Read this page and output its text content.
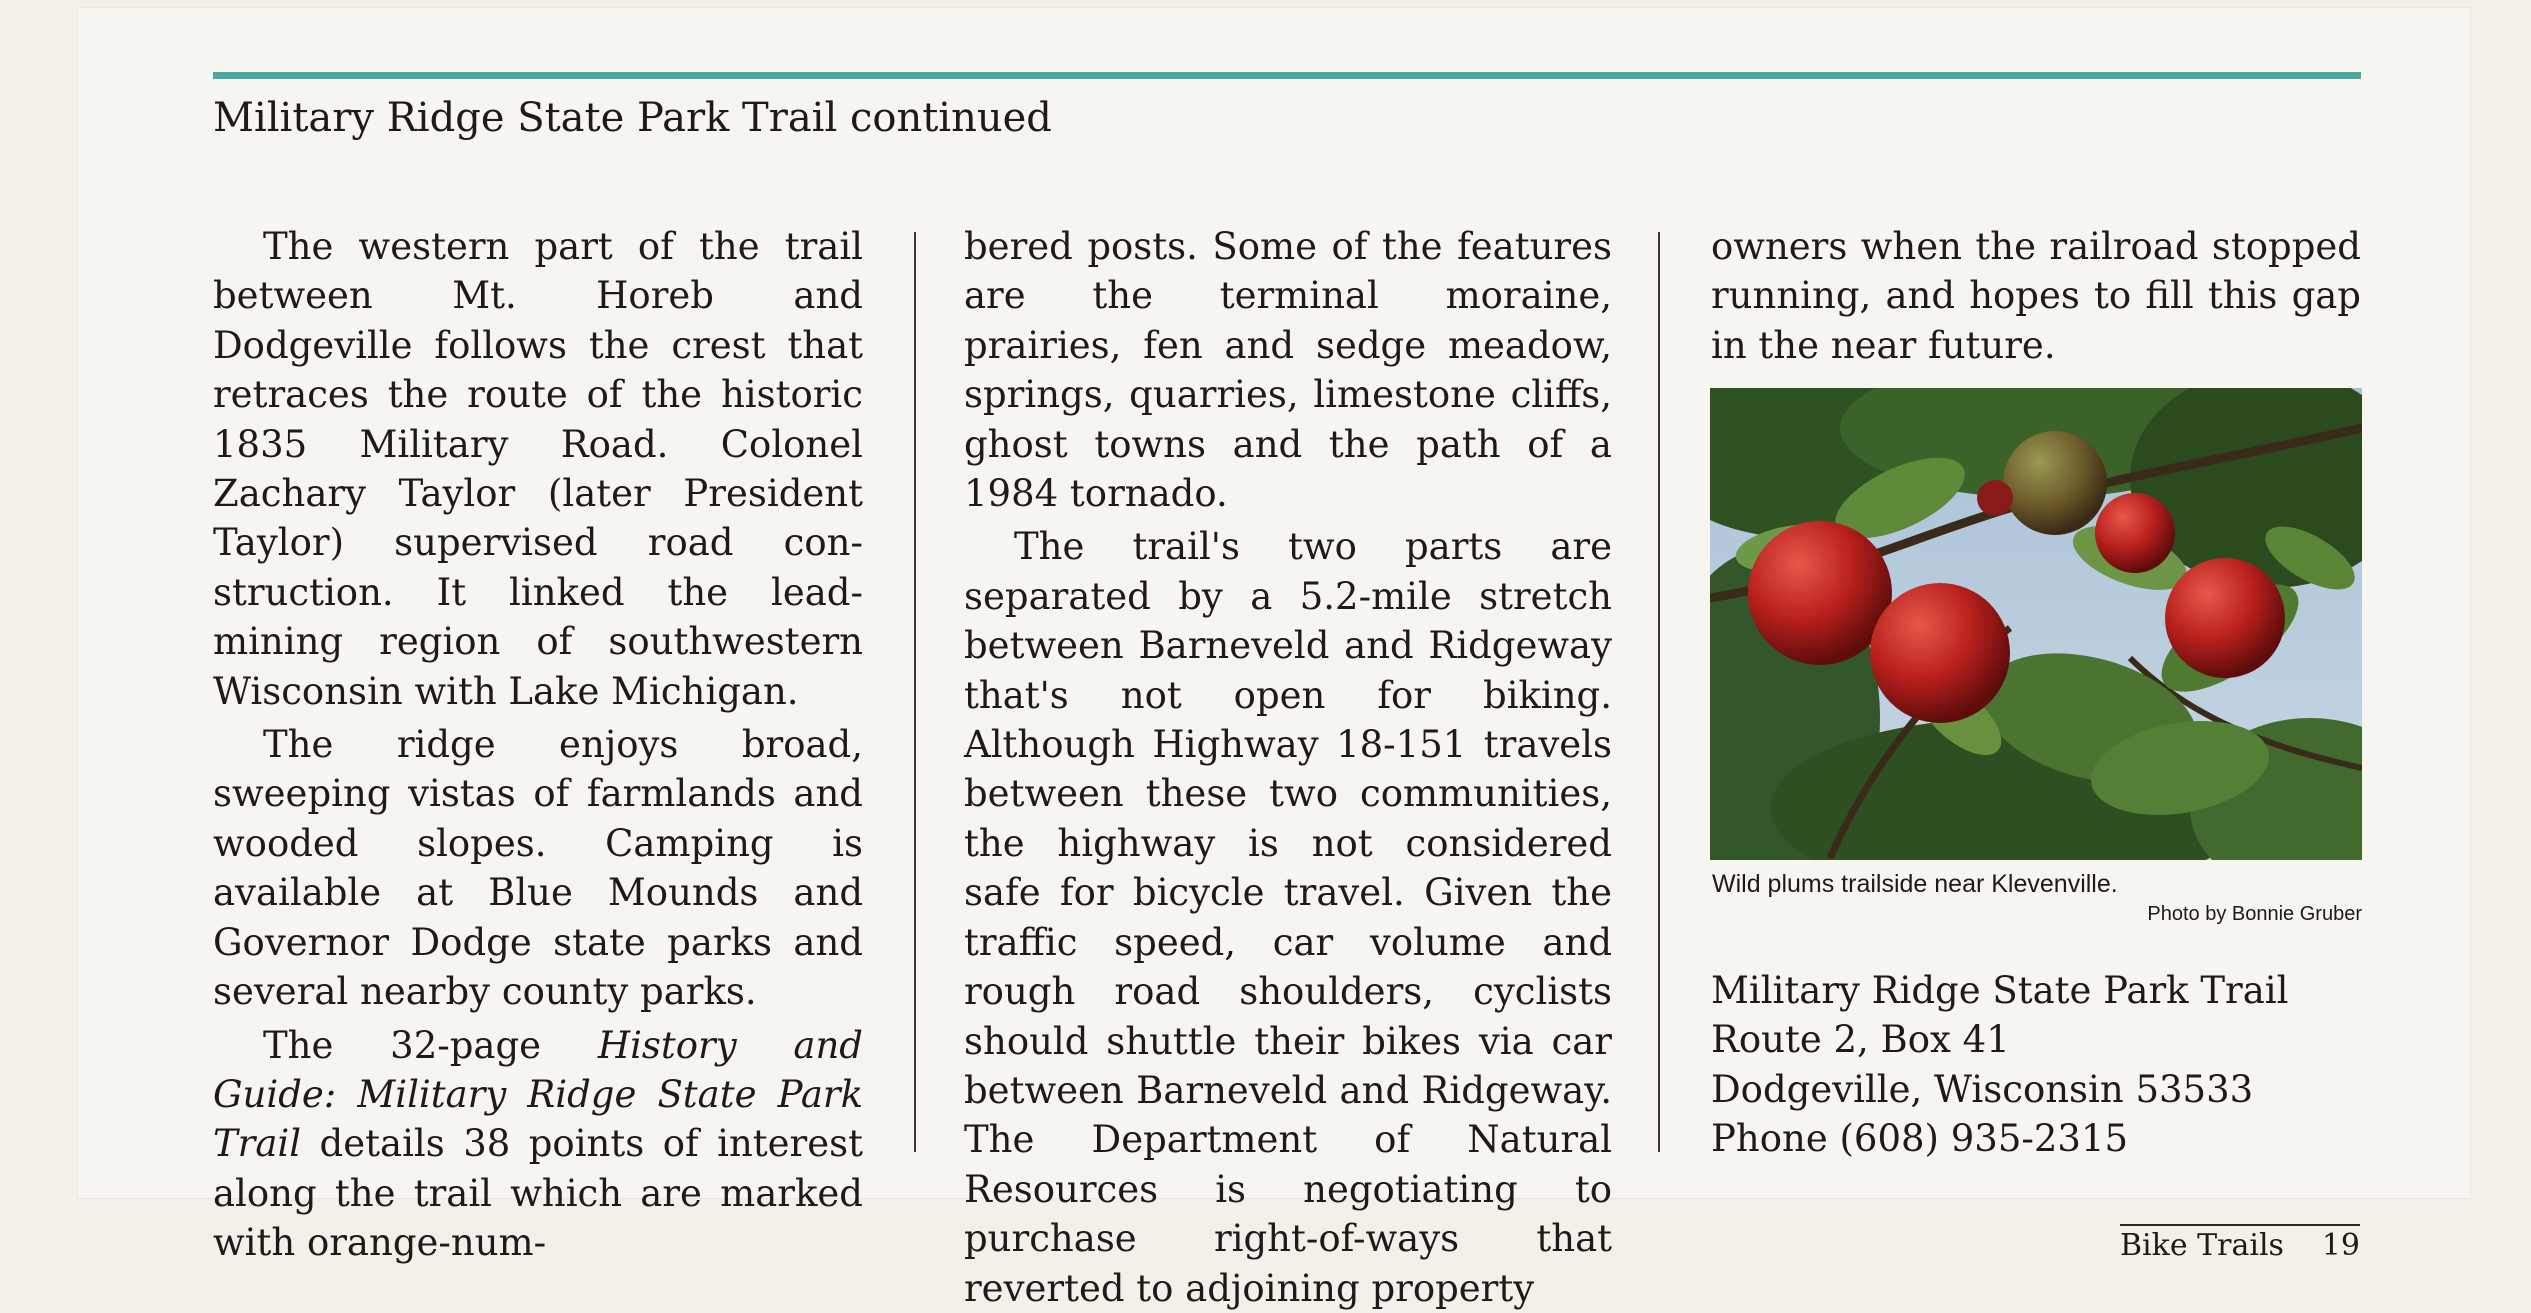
Military Ridge State Park Trail continued

The western part of the trail between Mt. Horeb and Dodgeville follows the crest that retraces the route of the historic 1835 Military Road. Colonel Zachary Taylor (later President Taylor) supervised road construction. It linked the lead-mining region of southwestern Wisconsin with Lake Michigan.

The ridge enjoys broad, sweeping vistas of farmlands and wooded slopes. Camping is available at Blue Mounds and Governor Dodge state parks and several nearby county parks.

The 32-page History and Guide: Military Ridge State Park Trail details 38 points of interest along the trail which are marked with orange-num-

bered posts. Some of the features are the terminal moraine, prairies, fen and sedge meadow, springs, quarries, limestone cliffs, ghost towns and the path of a 1984 tornado.

The trail's two parts are separated by a 5.2-mile stretch between Barneveld and Ridgeway that's not open for biking. Although Highway 18-151 travels between these two communities, the highway is not considered safe for bicycle travel. Given the traffic speed, car volume and rough road shoulders, cyclists should shuttle their bikes via car between Barneveld and Ridgeway. The Department of Natural Resources is negotiating to purchase right-of-ways that reverted to adjoining property

owners when the railroad stopped running, and hopes to fill this gap in the near future.

Wild plums trailside near Klevenville.
Photo by Bonnie Gruber
Military Ridge State Park Trail
Route 2, Box 41
Dodgeville, Wisconsin 53533
Phone (608) 935-2315
Bike Trails 19
